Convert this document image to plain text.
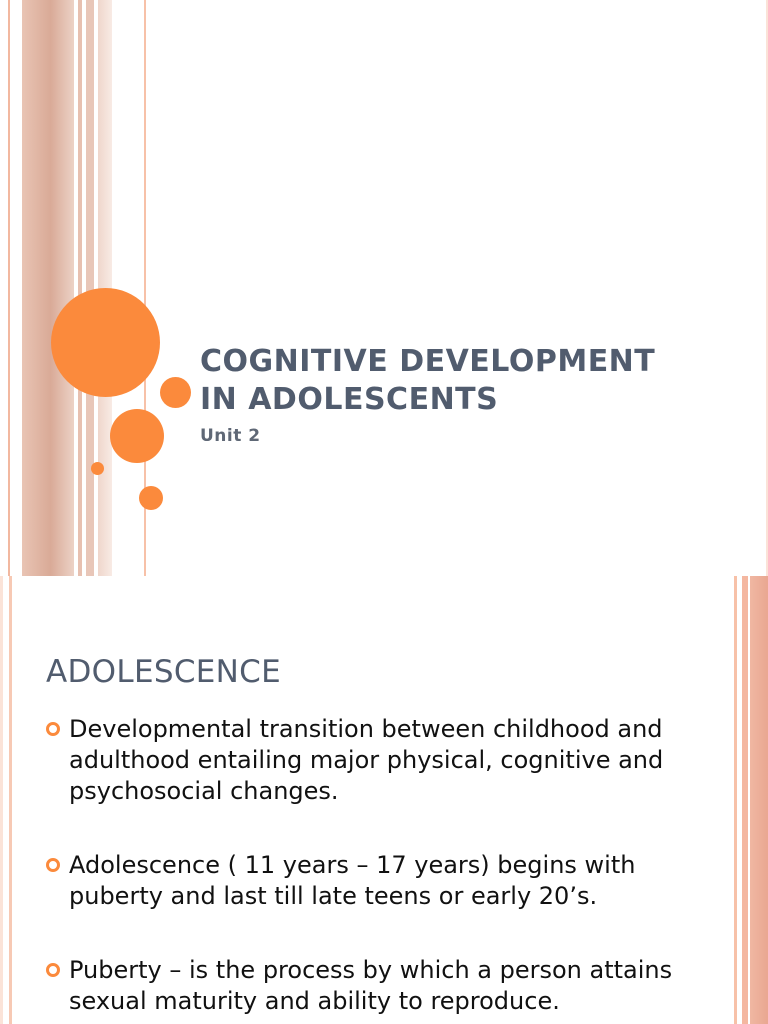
COGNITIVE DEVELOPMENT
IN ADOLESCENTS

Unit 2

ADOLESCENCE
Developmental transition between childhood and adulthood entailing major physical, cognitive and psychosocial changes.
Adolescence ( 11 years – 17 years) begins with puberty and last till late teens or early 20’s.
Puberty – is the process by which a person attains sexual maturity and ability to reproduce.
